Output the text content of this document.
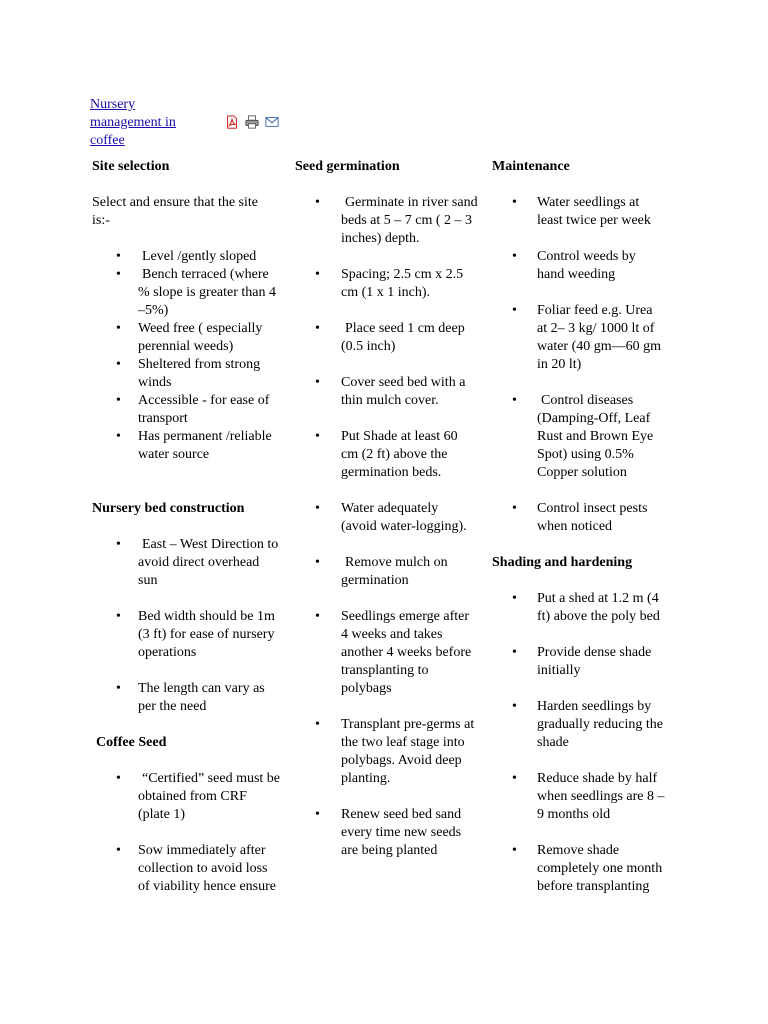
Nursery
management in
coffee
Site selection
Select and ensure that the site
is:-
• Level /gently sloped
• Bench terraced (where
% slope is greater than 4
–5%)
• Weed free ( especially
perennial weeds)
• Sheltered from strong
winds
• Accessible - for ease of
transport
• Has permanent /reliable
water source
Nursery bed construction
• East – West Direction to
avoid direct overhead
sun
• Bed width should be 1m
(3 ft) for ease of nursery
operations
• The length can vary as
per the need
Coffee Seed
• “Certified” seed must be
obtained from CRF
(plate 1)
• Sow immediately after
collection to avoid loss
of viability hence ensure
Seed germination
• Germinate in river sand
beds at 5 – 7 cm ( 2 – 3
inches) depth.
• Spacing; 2.5 cm x 2.5
cm (1 x 1 inch).
• Place seed 1 cm deep
(0.5 inch)
• Cover seed bed with a
thin mulch cover.
• Put Shade at least 60
cm (2 ft) above the
germination beds.
• Water adequately
(avoid water-logging).
• Remove mulch on
germination
• Seedlings emerge after
4 weeks and takes
another 4 weeks before
transplanting to
polybags
• Transplant pre-germs at
the two leaf stage into
polybags. Avoid deep
planting.
• Renew seed bed sand
every time new seeds
are being planted
Maintenance
• Water seedlings at
least twice per week
• Control weeds by
hand weeding
• Foliar feed e.g. Urea
at 2– 3 kg/ 1000 lt of
water (40 gm—60 gm
in 20 lt)
• Control diseases
(Damping-Off, Leaf
Rust and Brown Eye
Spot) using 0.5%
Copper solution
• Control insect pests
when noticed
Shading and hardening
• Put a shed at 1.2 m (4
ft) above the poly bed
• Provide dense shade
initially
• Harden seedlings by
gradually reducing the
shade
• Reduce shade by half
when seedlings are 8 –
9 months old
• Remove shade
completely one month
before transplanting
